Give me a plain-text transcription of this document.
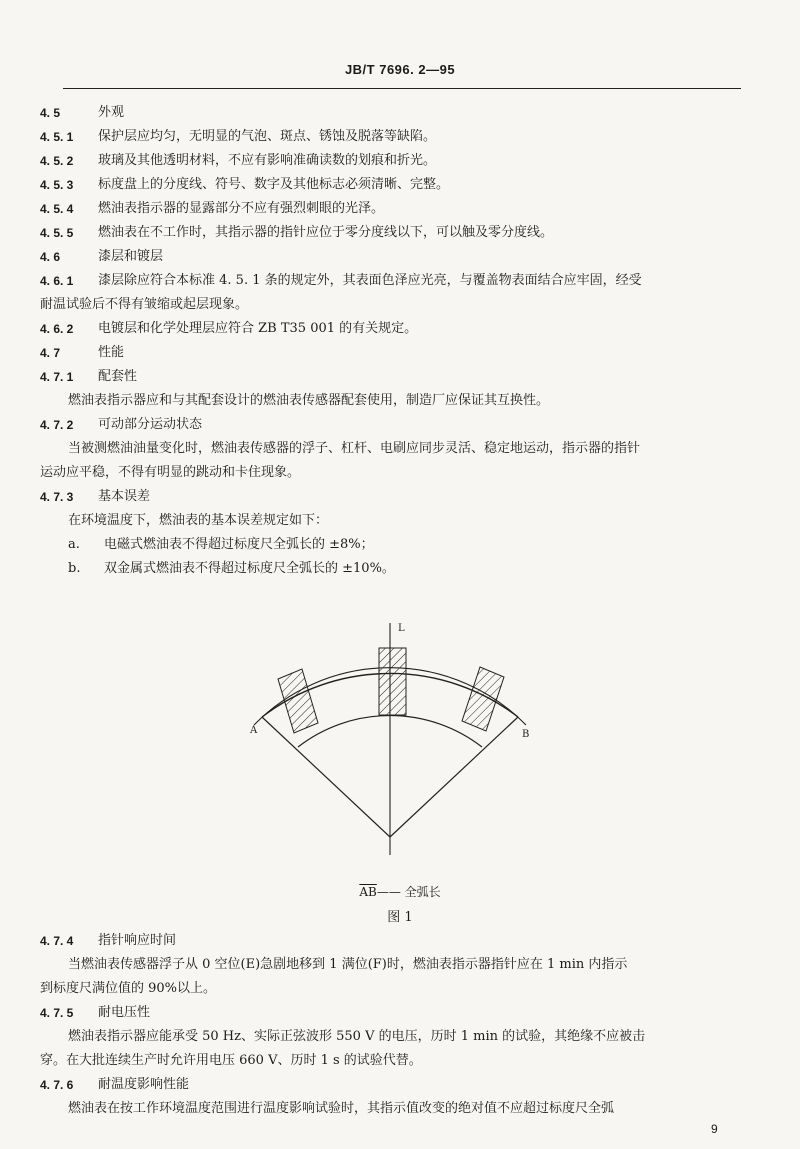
JB/T 7696. 2—95
4. 5	外观
4. 5. 1 保护层应均匀，无明显的气泡、斑点、锈蚀及脱落等缺陷。
4. 5. 2 玻璃及其他透明材料，不应有影响准确读数的划痕和折光。
4. 5. 3 标度盘上的分度线、符号、数字及其他标志必须清晰、完整。
4. 5. 4 燃油表指示器的显露部分不应有强烈刺眼的光泽。
4. 5. 5 燃油表在不工作时，其指示器的指针应位于零分度线以下，可以触及零分度线。
4. 6	漆层和镀层
4. 6. 1 漆层除应符合本标准 4. 5. 1 条的规定外，其表面色泽应光亮，与覆盖物表面结合应牢固，经受
耐温试验后不得有皱缩或起层现象。
4. 6. 2 电镀层和化学处理层应符合 ZB T35 001 的有关规定。
4. 7	性能
4. 7. 1 配套性
燃油表指示器应和与其配套设计的燃油表传感器配套使用，制造厂应保证其互换性。
4. 7. 2 可动部分运动状态
当被测燃油油量变化时，燃油表传感器的浮子、杠杆、电刷应同步灵活、稳定地运动，指示器的指针
运动应平稳，不得有明显的跳动和卡住现象。
4. 7. 3 基本误差
在环境温度下，燃油表的基本误差规定如下：
a. 电磁式燃油表不得超过标度尺全弧长的 ±8%；
b. 双金属式燃油表不得超过标度尺全弧长的 ±10%。
L
A	B
$\overline{AB}——$ 全弧长
图 1
4. 7. 4 指针响应时间
当燃油表传感器浮子从 0 空位(E)急剧地移到 1 满位(F)时，燃油表指示器指针应在 1 min 内指示
到标度尺满位值的 90%以上。
4. 7. 5 耐电压性
燃油表指示器应能承受 50 Hz、实际正弦波形 550 V 的电压，历时 1 min 的试验，其绝缘不应被击
穿。在大批连续生产时允许用电压 660 V、历时 1 s 的试验代替。
4. 7. 6 耐温度影响性能
燃油表在按工作环境温度范围进行温度影响试验时，其指示值改变的绝对值不应超过标度尺全弧
9
